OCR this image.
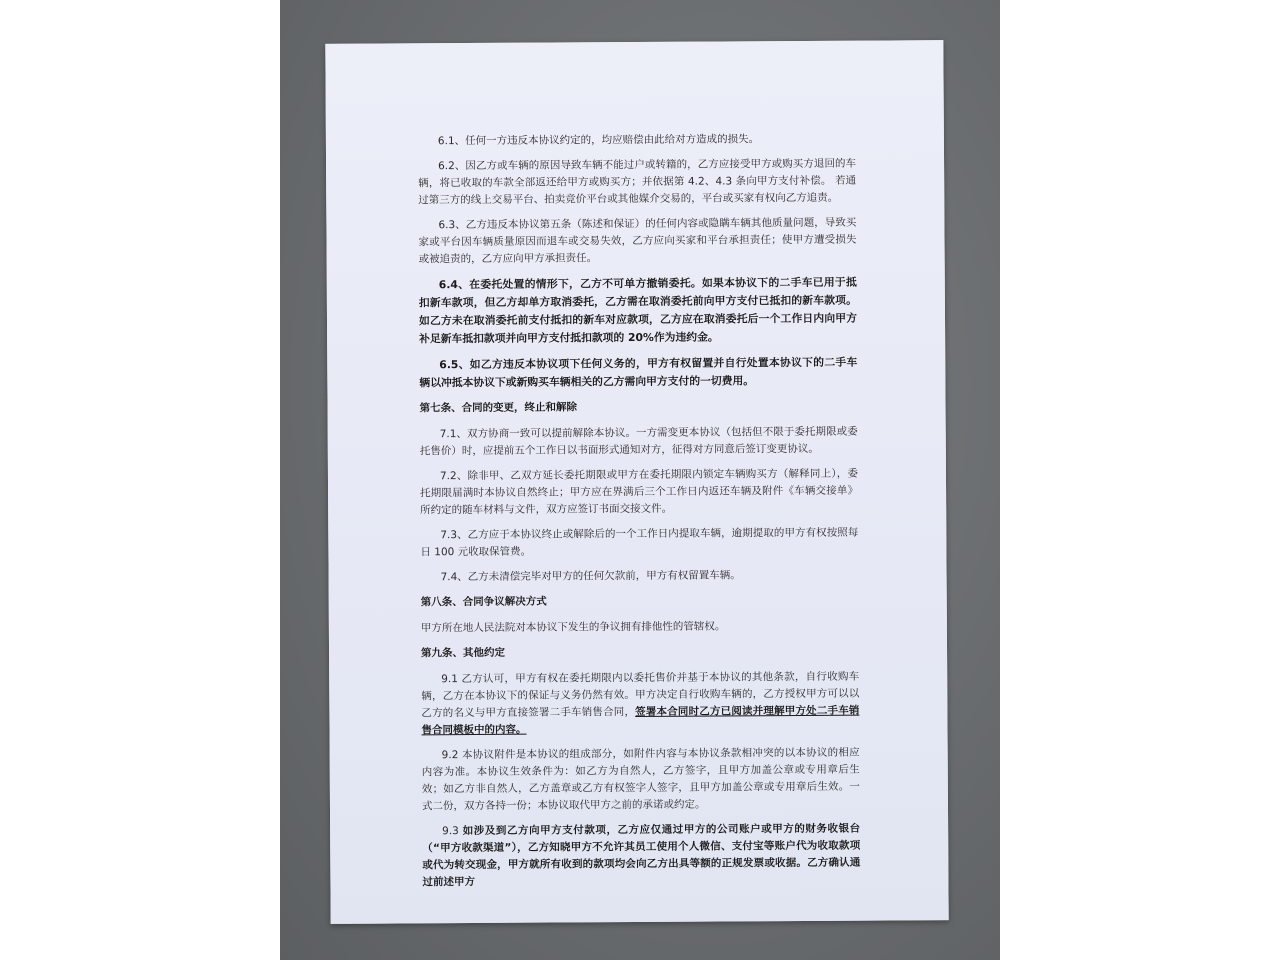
6.1、任何一方违反本协议约定的，均应赔偿由此给对方造成的损失。

6.2、因乙方或车辆的原因导致车辆不能过户或转籍的，乙方应接受甲方或购买方退回的车辆，将已收取的车款全部返还给甲方或购买方；并依据第 4.2、4.3 条向甲方支付补偿。 若通过第三方的线上交易平台、拍卖竞价平台或其他媒介交易的，平台或买家有权向乙方追责。

6.3、乙方违反本协议第五条（陈述和保证）的任何内容或隐瞒车辆其他质量问题，导致买家或平台因车辆质量原因而退车或交易失效，乙方应向买家和平台承担责任；使甲方遭受损失或被追责的，乙方应向甲方承担责任。

6.4、在委托处置的情形下，乙方不可单方撤销委托。如果本协议下的二手车已用于抵扣新车款项，但乙方却单方取消委托，乙方需在取消委托前向甲方支付已抵扣的新车款项。如乙方未在取消委托前支付抵扣的新车对应款项，乙方应在取消委托后一个工作日内向甲方补足新车抵扣款项并向甲方支付抵扣款项的 20%作为违约金。

6.5、如乙方违反本协议项下任何义务的，甲方有权留置并自行处置本协议下的二手车辆以冲抵本协议下或新购买车辆相关的乙方需向甲方支付的一切费用。

第七条、合同的变更，终止和解除

7.1、双方协商一致可以提前解除本协议。一方需变更本协议（包括但不限于委托期限或委托售价）时，应提前五个工作日以书面形式通知对方，征得对方同意后签订变更协议。

7.2、除非甲、乙双方延长委托期限或甲方在委托期限内锁定车辆购买方（解释同上），委托期限届满时本协议自然终止；甲方应在界满后三个工作日内返还车辆及附件《车辆交接单》所约定的随车材料与文件，双方应签订书面交接文件。

7.3、乙方应于本协议终止或解除后的一个工作日内提取车辆，逾期提取的甲方有权按照每日 100 元收取保管费。

7.4、乙方未清偿完毕对甲方的任何欠款前，甲方有权留置车辆。

第八条、合同争议解决方式

甲方所在地人民法院对本协议下发生的争议拥有排他性的管辖权。

第九条、其他约定

9.1 乙方认可，甲方有权在委托期限内以委托售价并基于本协议的其他条款，自行收购车辆，乙方在本协议下的保证与义务仍然有效。甲方决定自行收购车辆的，乙方授权甲方可以以乙方的名义与甲方直接签署二手车销售合同，签署本合同时乙方已阅读并理解甲方处二手车销售合同模板中的内容。

9.2 本协议附件是本协议的组成部分，如附件内容与本协议条款相冲突的以本协议的相应内容为准。本协议生效条件为：如乙方为自然人，乙方签字，且甲方加盖公章或专用章后生效；如乙方非自然人，乙方盖章或乙方有权签字人签字，且甲方加盖公章或专用章后生效。一式二份，双方各持一份；本协议取代甲方之前的承诺或约定。

9.3 如涉及到乙方向甲方支付款项，乙方应仅通过甲方的公司账户或甲方的财务收银台（“甲方收款渠道”），乙方知晓甲方不允许其员工使用个人微信、支付宝等账户代为收取款项或代为转交现金，甲方就所有收到的款项均会向乙方出具等额的正规发票或收据。乙方确认通过前述甲方
